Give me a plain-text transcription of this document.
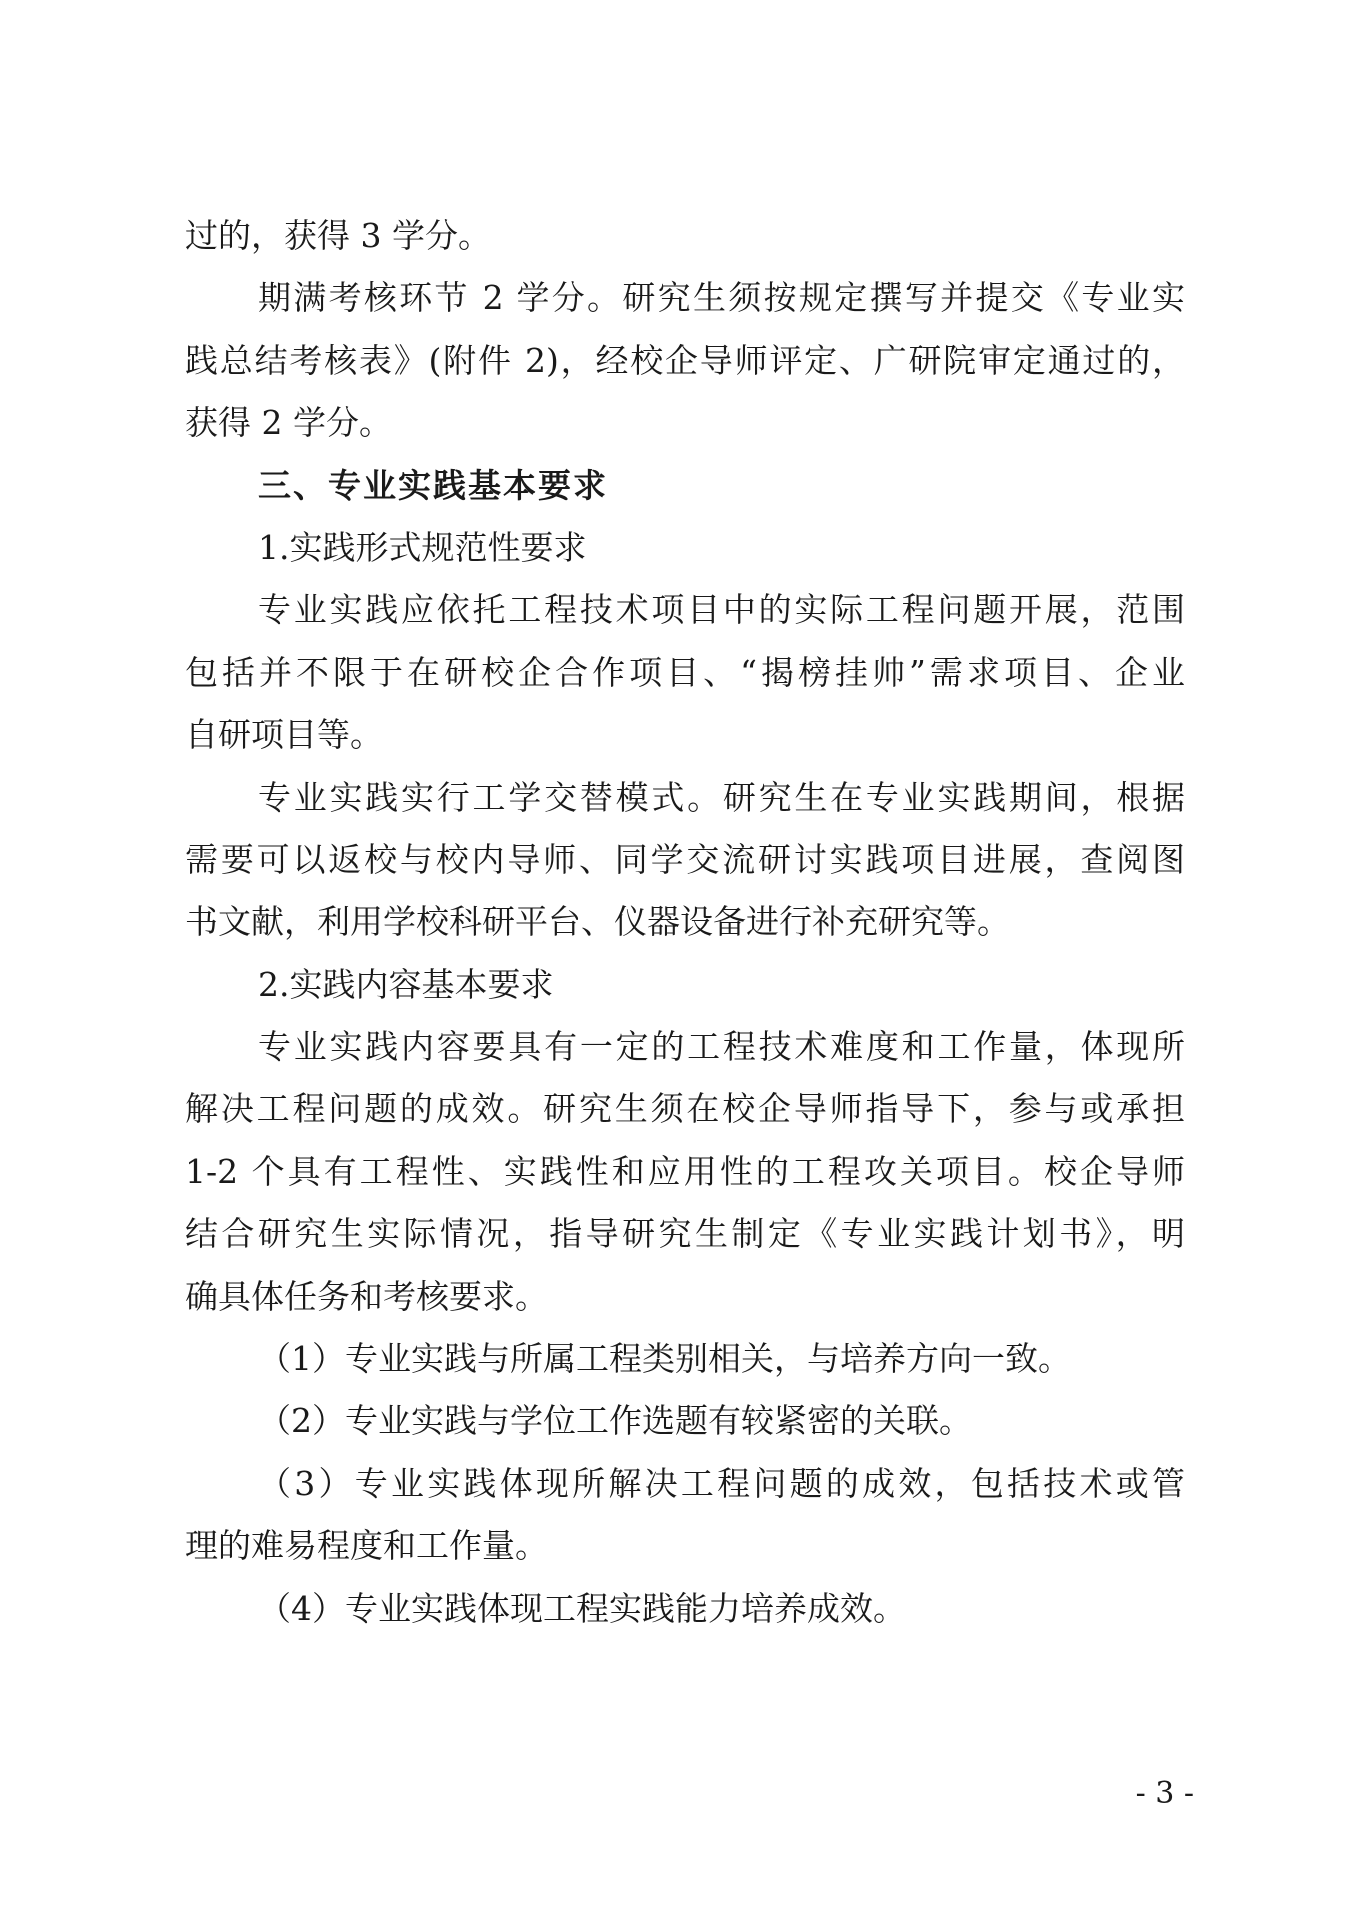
过的，获得 3 学分。
期满考核环节 2 学分。研究生须按规定撰写并提交《专业实
践总结考核表》(附件 2)，经校企导师评定、广研院审定通过的，
获得 2 学分。
三、专业实践基本要求
1.实践形式规范性要求
专业实践应依托工程技术项目中的实际工程问题开展，范围
包括并不限于在研校企合作项目、“揭榜挂帅”需求项目、企业
自研项目等。
专业实践实行工学交替模式。研究生在专业实践期间，根据
需要可以返校与校内导师、同学交流研讨实践项目进展，查阅图
书文献，利用学校科研平台、仪器设备进行补充研究等。
2.实践内容基本要求
专业实践内容要具有一定的工程技术难度和工作量，体现所
解决工程问题的成效。研究生须在校企导师指导下，参与或承担
1-2 个具有工程性、实践性和应用性的工程攻关项目。校企导师
结合研究生实际情况，指导研究生制定《专业实践计划书》，明
确具体任务和考核要求。
（1）专业实践与所属工程类别相关，与培养方向一致。
（2）专业实践与学位工作选题有较紧密的关联。
（3）专业实践体现所解决工程问题的成效，包括技术或管
理的难易程度和工作量。
（4）专业实践体现工程实践能力培养成效。
- 3 -
